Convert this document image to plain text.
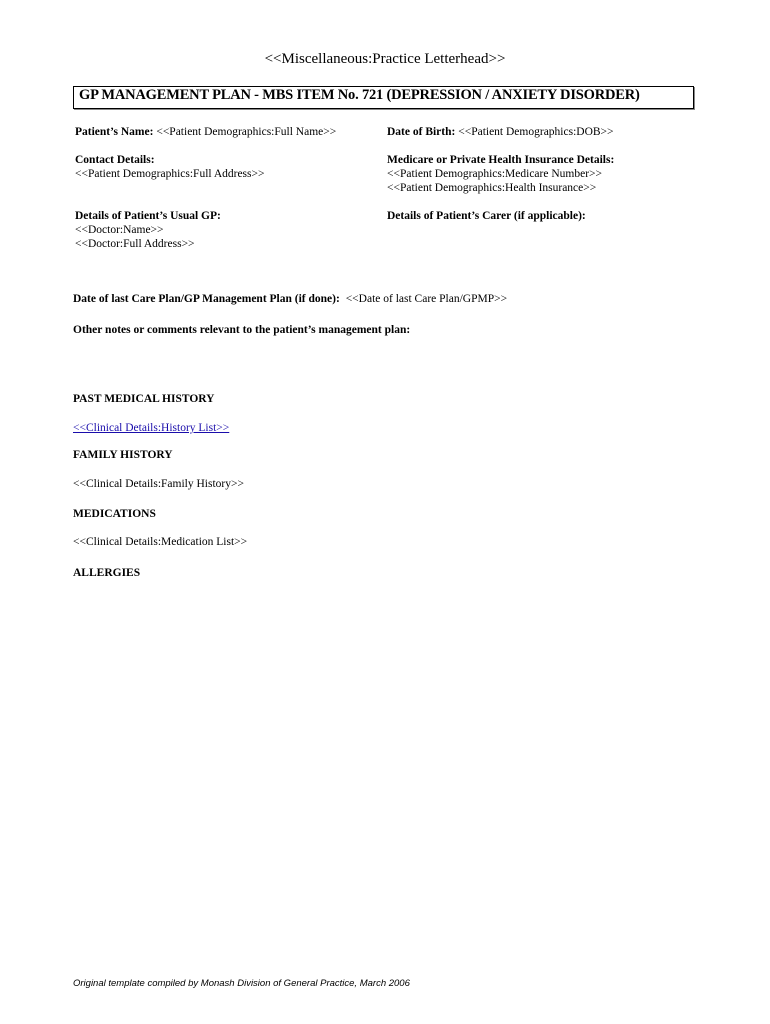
<<Miscellaneous:Practice Letterhead>>
GP MANAGEMENT PLAN - MBS ITEM No. 721 (DEPRESSION / ANXIETY DISORDER)
Patient’s Name: <<Patient Demographics:Full Name>>	Date of Birth: <<Patient Demographics:DOB>>
Contact Details:
<<Patient Demographics:Full Address>>
Medicare or Private Health Insurance Details:
<<Patient Demographics:Medicare Number>>
<<Patient Demographics:Health Insurance>>
Details of Patient’s Usual GP:
<<Doctor:Name>>
<<Doctor:Full Address>>
Details of Patient’s Carer (if applicable):
Date of last Care Plan/GP Management Plan (if done): <<Date of last Care Plan/GPMP>>
Other notes or comments relevant to the patient’s management plan:
PAST MEDICAL HISTORY
<<Clinical Details:History List>>
FAMILY HISTORY
<<Clinical Details:Family History>>
MEDICATIONS
<<Clinical Details:Medication List>>
ALLERGIES
Original template compiled by Monash Division of General Practice, March 2006
